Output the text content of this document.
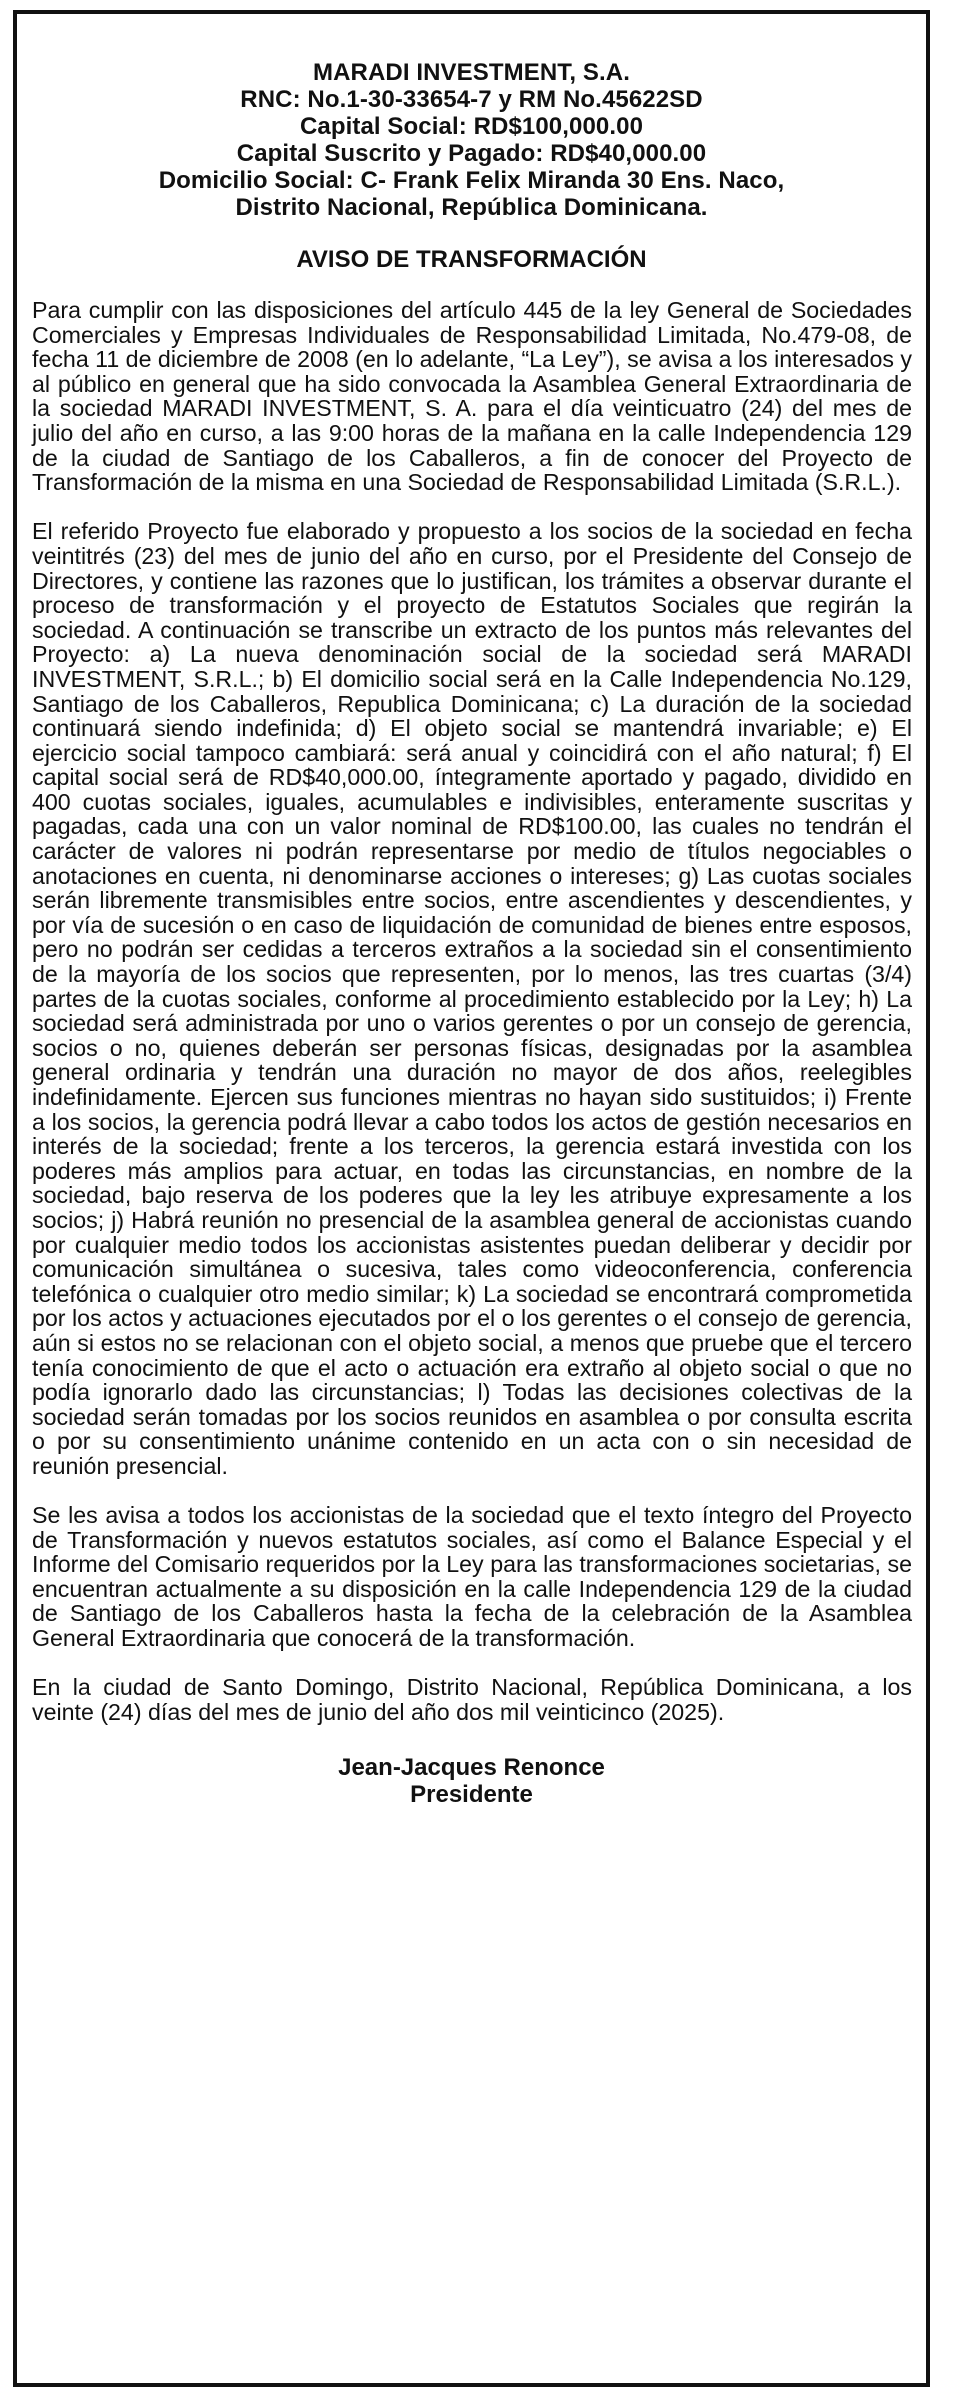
MARADI INVESTMENT, S.A.
RNC: No.1-30-33654-7 y RM No.45622SD
Capital Social: RD$100,000.00
Capital Suscrito y Pagado: RD$40,000.00
Domicilio Social: C- Frank Felix Miranda 30 Ens. Naco,
Distrito Nacional, República Dominicana.
AVISO DE TRANSFORMACIÓN

Para cumplir con las disposiciones del artículo 445 de la ley General de Sociedades Comerciales y Empresas Individuales de Responsabilidad Limitada, No.479-08, de fecha 11 de diciembre de 2008 (en lo adelante, “La Ley”), se avisa a los interesados y al público en general que ha sido convocada la Asamblea General Extraordinaria de la sociedad MARADI INVESTMENT, S. A. para el día veinticuatro (24) del mes de julio del año en curso, a las 9:00 horas de la mañana en la calle Independencia 129 de la ciudad de Santiago de los Caballeros, a fin de conocer del Proyecto de Transformación de la misma en una Sociedad de Responsabilidad Limitada (S.R.L.).

El referido Proyecto fue elaborado y propuesto a los socios de la sociedad en fecha veintitrés (23) del mes de junio del año en curso, por el Presidente del Consejo de Directores, y contiene las razones que lo justifican, los trámites a observar durante el proceso de transformación y el proyecto de Estatutos Sociales que regirán la sociedad. A continuación se transcribe un extracto de los puntos más relevantes del Proyecto: a) La nueva denominación social de la sociedad será MARADI INVESTMENT, S.R.L.; b) El domicilio social será en la Calle Independencia No.129, Santiago de los Caballeros, Republica Dominicana; c) La duración de la sociedad continuará siendo indefinida; d) El objeto social se mantendrá invariable; e) El ejercicio social tampoco cambiará: será anual y coincidirá con el año natural; f) El capital social será de RD$40,000.00, íntegramente aportado y pagado, dividido en 400 cuotas sociales, iguales, acumulables e indivisibles, enteramente suscritas y pagadas, cada una con un valor nominal de RD$100.00, las cuales no tendrán el carácter de valores ni podrán representarse por medio de títulos negociables o anotaciones en cuenta, ni denominarse acciones o intereses; g) Las cuotas sociales serán libremente transmisibles entre socios, entre ascendientes y descendientes, y por vía de sucesión o en caso de liquidación de comunidad de bienes entre esposos, pero no podrán ser cedidas a terceros extraños a la sociedad sin el consentimiento de la mayoría de los socios que representen, por lo menos, las tres cuartas (3/4) partes de la cuotas sociales, conforme al procedimiento establecido por la Ley; h) La sociedad será administrada por uno o varios gerentes o por un consejo de gerencia, socios o no, quienes deberán ser personas físicas, designadas por la asamblea general ordinaria y tendrán una duración no mayor de dos años, reelegibles indefinidamente. Ejercen sus funciones mientras no hayan sido sustituidos; i) Frente a los socios, la gerencia podrá llevar a cabo todos los actos de gestión necesarios en interés de la sociedad; frente a los terceros, la gerencia estará investida con los poderes más amplios para actuar, en todas las circunstancias, en nombre de la sociedad, bajo reserva de los poderes que la ley les atribuye expresamente a los socios; j) Habrá reunión no presencial de la asamblea general de accionistas cuando por cualquier medio todos los accionistas asistentes puedan deliberar y decidir por comunicación simultánea o sucesiva, tales como videoconferencia, conferencia telefónica o cualquier otro medio similar; k) La sociedad se encontrará comprometida por los actos y actuaciones ejecutados por el o los gerentes o el consejo de gerencia, aún si estos no se relacionan con el objeto social, a menos que pruebe que el tercero tenía conocimiento de que el acto o actuación era extraño al objeto social o que no podía ignorarlo dado las circunstancias; l) Todas las decisiones colectivas de la sociedad serán tomadas por los socios reunidos en asamblea o por consulta escrita o por su consentimiento unánime contenido en un acta con o sin necesidad de reunión presencial.

Se les avisa a todos los accionistas de la sociedad que el texto íntegro del Proyecto de Transformación y nuevos estatutos sociales, así como el Balance Especial y el Informe del Comisario requeridos por la Ley para las transformaciones societarias, se encuentran actualmente a su disposición en la calle Independencia 129 de la ciudad de Santiago de los Caballeros hasta la fecha de la celebración de la Asamblea General Extraordinaria que conocerá de la transformación.

En la ciudad de Santo Domingo, Distrito Nacional, República Dominicana, a los veinte (24) días del mes de junio del año dos mil veinticinco (2025).

Jean-Jacques Renonce
Presidente
